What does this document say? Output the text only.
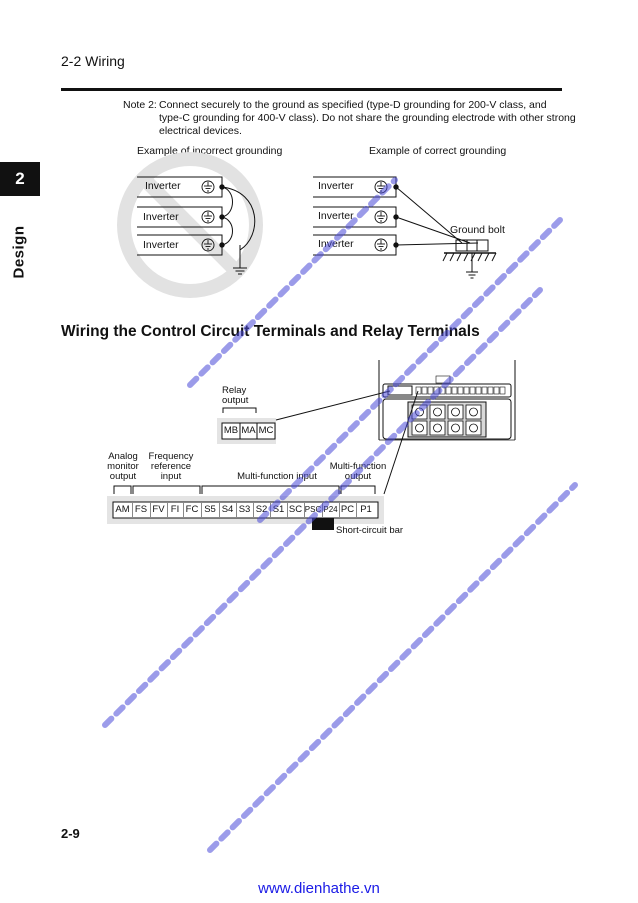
2-2 Wiring
2
Design
Note 2: Connect securely to the ground as specified (type-D grounding for 200-V class, and
type-C grounding for 400-V class). Do not share the grounding electrode with other strong
electrical devices.
Example of incorrect grounding	Example of correct grounding
Inverter
Inverter
Inverter
Inverter
Inverter
Inverter
Ground bolt
Wiring the Control Circuit Terminals and Relay Terminals
Relay
output
MB MA MC
Analog
monitor
output
Frequency
reference
input	Multi-function input
Multi-function
output
AM FS FV FI FC S5 S4 S3 S2 S1 SC PSC P24 PC P1
Short-circuit bar
2-9
www.dienhathe.vn
